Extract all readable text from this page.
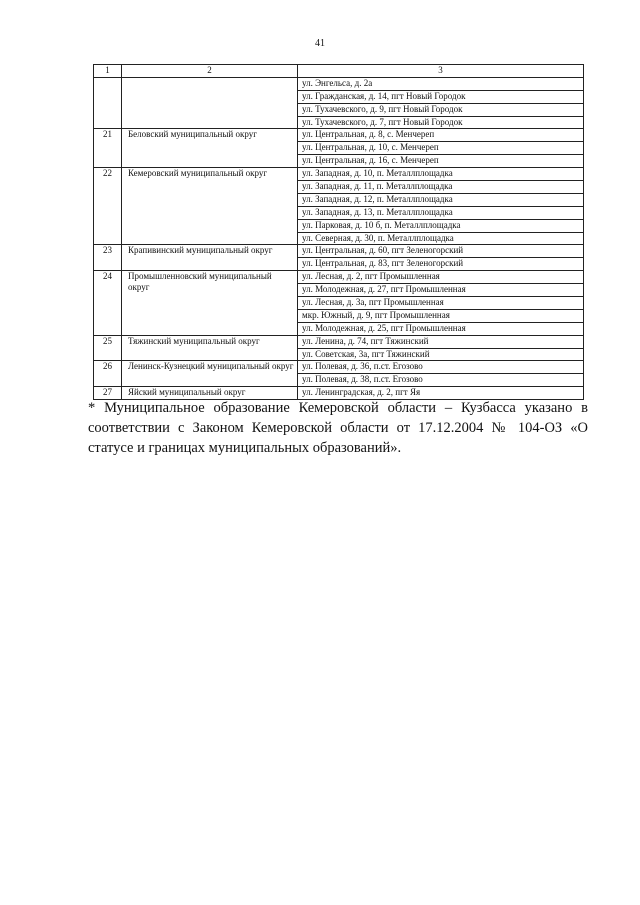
41
1	2	3
		ул. Энгельса, д. 2а
		ул. Гражданская, д. 14, пгт Новый Городок
		ул. Тухачевского, д. 9, пгт Новый Городок
		ул. Тухачевского, д. 7, пгт Новый Городок
21	Беловский муниципальный округ	ул. Центральная, д. 8, с. Менчереп
		ул. Центральная, д. 10, с. Менчереп
		ул. Центральная, д. 16, с. Менчереп
22	Кемеровский муниципальный округ	ул. Западная, д. 10, п. Металлплощадка
		ул. Западная, д. 11, п. Металлплощадка
		ул. Западная, д. 12, п. Металлплощадка
		ул. Западная, д. 13, п. Металлплощадка
		ул. Парковая, д. 10 б, п. Металлплощадка
		ул. Северная, д. 30, п. Металлплощадка
23	Крапивинский муниципальный округ	ул. Центральная, д. 60, пгт Зеленогорский
		ул. Центральная, д. 83, пгт Зеленогорский
24	Промышленновский муниципальный округ	ул. Лесная, д. 2, пгт Промышленная
		ул. Молодежная, д. 27, пгт Промышленная
		ул. Лесная, д. 3а, пгт Промышленная
		мкр. Южный, д. 9, пгт Промышленная
		ул. Молодежная, д. 25, пгт Промышленная
25	Тяжинский муниципальный округ	ул. Ленина, д. 74, пгт Тяжинский
		ул. Советская, 3а, пгт Тяжинский
26	Ленинск-Кузнецкий муниципальный округ	ул. Полевая, д. 36, п.ст. Егозово
		ул. Полевая, д. 38, п.ст. Егозово
27	Яйский муниципальный округ	ул. Ленинградская, д. 2, пгт Яя
* Муниципальное образование Кемеровской области – Кузбасса указано в соответствии с Законом Кемеровской области от 17.12.2004 № 104-ОЗ «О статусе и границах муниципальных образований».
